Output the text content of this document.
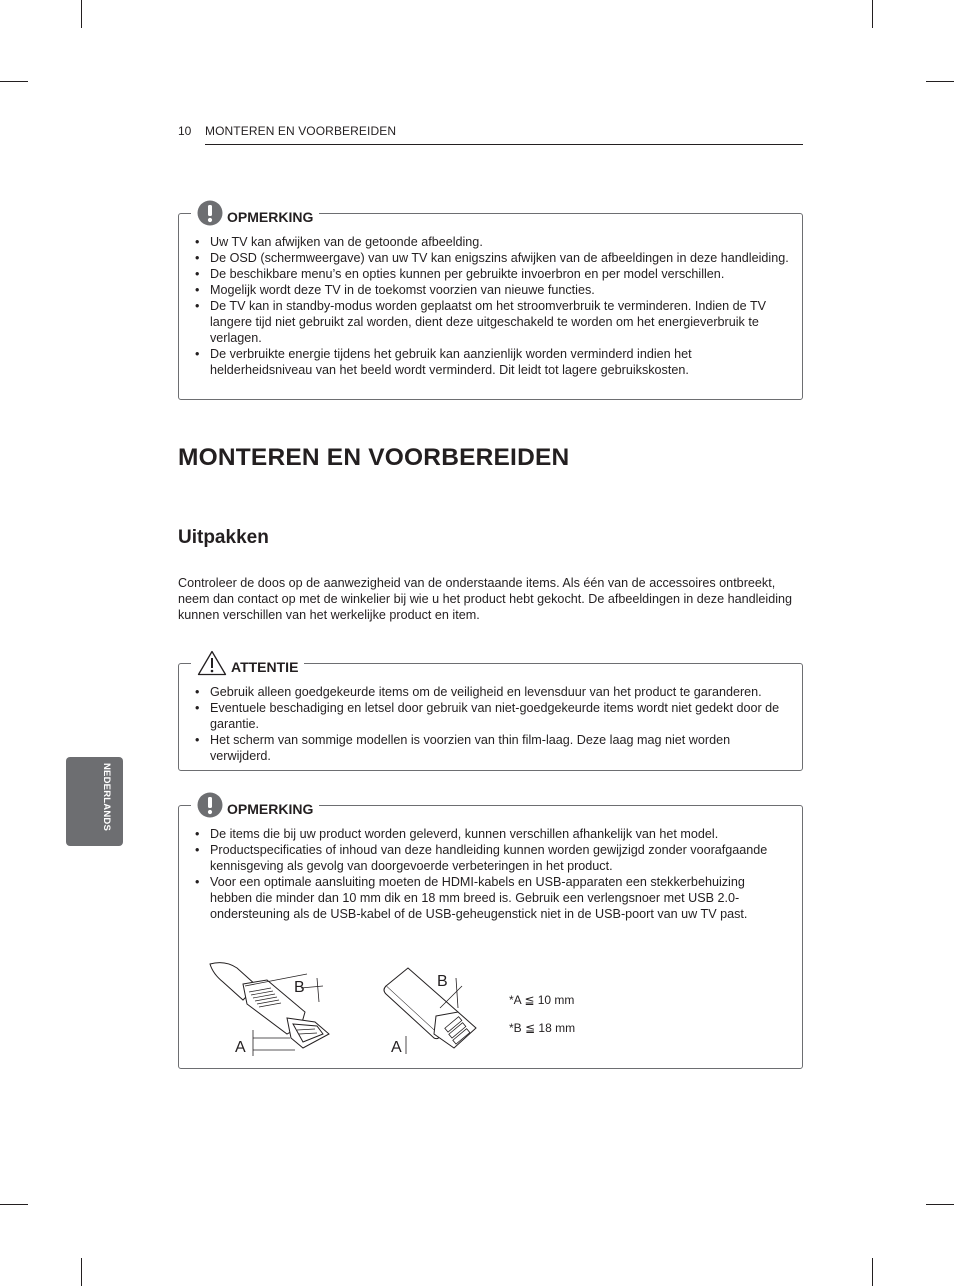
10 MONTEREN EN VOORBEREIDEN
OPMERKING
• Uw TV kan afwijken van de getoonde afbeelding.
• De OSD (schermweergave) van uw TV kan enigszins afwijken van de afbeeldingen in deze handleiding.
• De beschikbare menu’s en opties kunnen per gebruikte invoerbron en per model verschillen.
• Mogelijk wordt deze TV in de toekomst voorzien van nieuwe functies.
• De TV kan in standby-modus worden geplaatst om het stroomverbruik te verminderen. Indien de TV langere tijd niet gebruikt zal worden, dient deze uitgeschakeld te worden om het energieverbruik te verlagen.
• De verbruikte energie tijdens het gebruik kan aanzienlijk worden verminderd indien het helderheidsniveau van het beeld wordt verminderd. Dit leidt tot lagere gebruikskosten.
MONTEREN EN VOORBEREIDEN
Uitpakken
Controleer de doos op de aanwezigheid van de onderstaande items. Als één van de accessoires ontbreekt, neem dan contact op met de winkelier bij wie u het product hebt gekocht. De afbeeldingen in deze handleiding kunnen verschillen van het werkelijke product en item.
ATTENTIE
• Gebruik alleen goedgekeurde items om de veiligheid en levensduur van het product te garanderen.
• Eventuele beschadiging en letsel door gebruik van niet-goedgekeurde items wordt niet gedekt door de garantie.
• Het scherm van sommige modellen is voorzien van thin film-laag. Deze laag mag niet worden verwijderd.
NEDERLANDS	OPMERKING
• De items die bij uw product worden geleverd, kunnen verschillen afhankelijk van het model.
• Productspecificaties of inhoud van deze handleiding kunnen worden gewijzigd zonder voorafgaande kennisgeving als gevolg van doorgevoerde verbeteringen in het product.
• Voor een optimale aansluiting moeten de HDMI-kabels en USB-apparaten een stekkerbehuizing hebben die minder dan 10 mm dik en 18 mm breed is. Gebruik een verlengsnoer met USB 2.0-ondersteuning als de USB-kabel of de USB-geheugenstick niet in de USB-poort van uw TV past.
B
A
B
A
*A ≦ 10 mm
*B ≦ 18 mm
